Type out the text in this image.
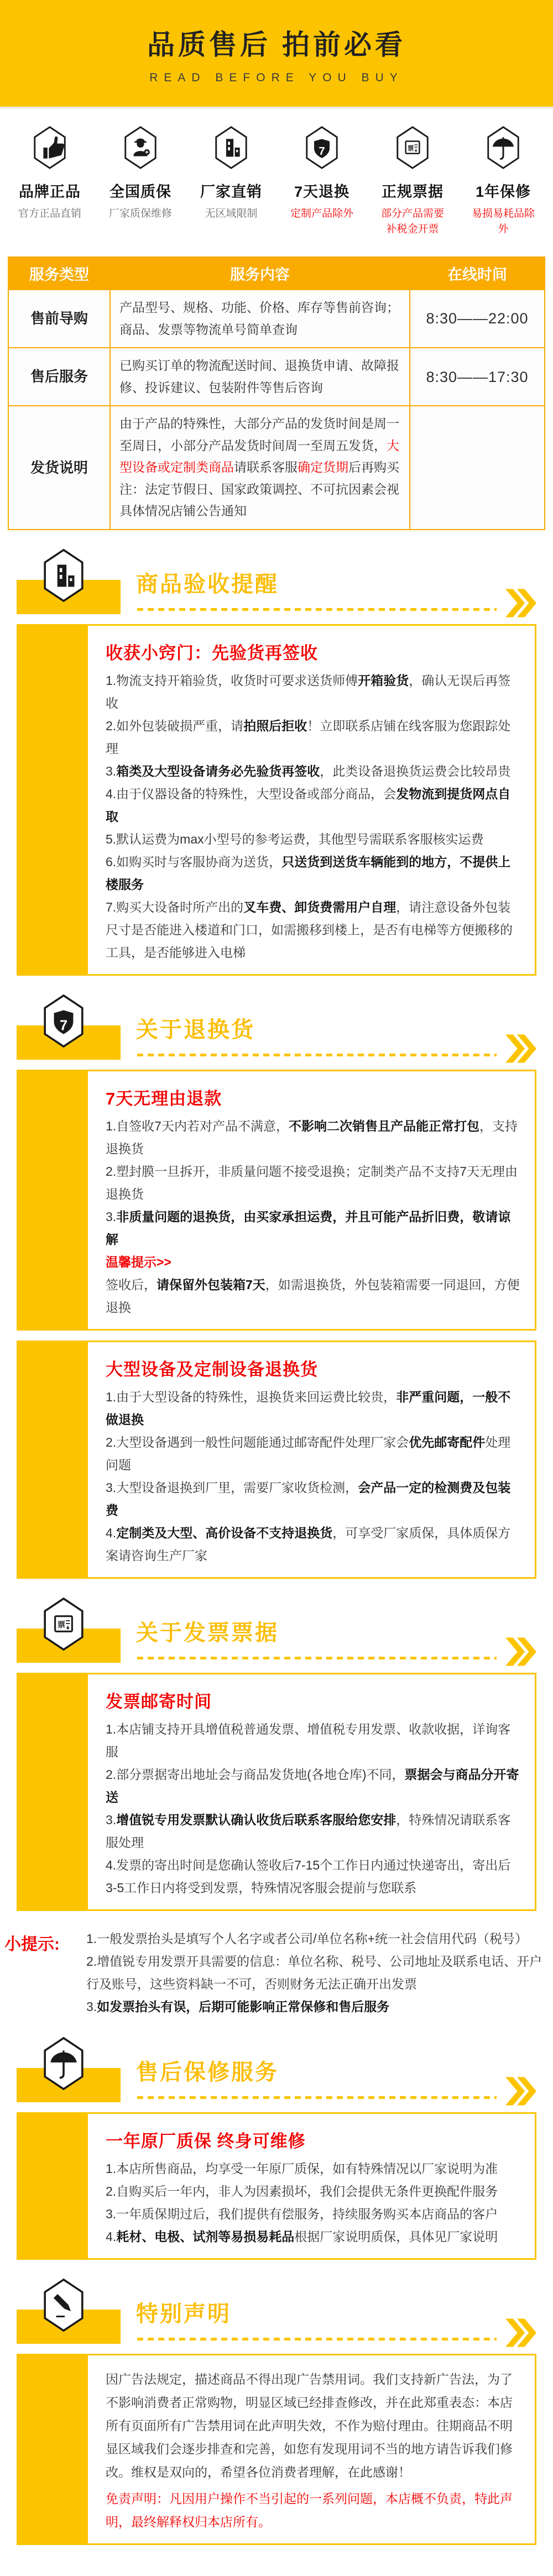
品质售后 拍前必看
READ BEFORE YOU BUY
品牌正品
官方正品直销
全国质保
厂家质保维修
厂家直销
无区域限制
7天退换
定制产品除外
正规票据
部分产品需要补税金开票
1年保修
易损易耗品除外
服务类型	服务内容	在线时间
售前导购	产品型号、规格、功能、价格、库存等售前咨询；
商品、发票等物流单号简单查询	8:30——22:00
售后服务	已购买订单的物流配送时间、退换货申请、故障报修、投诉建议、包装附件等售后咨询	8:30——17:30
发货说明	由于产品的特殊性，大部分产品的发货时间是周一至周日，小部分产品发货时间周一至周五发货，大型设备或定制类商品请联系客服确定货期后再购买
注：法定节假日、国家政策调控、不可抗因素会视具体情况店铺公告通知	
商品验收提醒
收获小窍门：先验货再签收
1.物流支持开箱验货，收货时可要求送货师傅开箱验货，确认无误后再签收
2.如外包装破损严重，请拍照后拒收！立即联系店铺在线客服为您跟踪处理
3.箱类及大型设备请务必先验货再签收，此类设备退换货运费会比较昂贵
4.由于仪器设备的特殊性，大型设备或部分商品，会发物流到提货网点自取
5.默认运费为max小型号的参考运费，其他型号需联系客服核实运费
6.如购买时与客服协商为送货，只送货到送货车辆能到的地方，不提供上楼服务
7.购买大设备时所产出的叉车费、卸货费需用户自理，请注意设备外包装尺寸是否能进入楼道和门口，如需搬移到楼上，是否有电梯等方便搬移的工具，是否能够进入电梯
关于退换货
7天无理由退款
1.自签收7天内若对产品不满意，不影响二次销售且产品能正常打包，支持退换货
2.塑封膜一旦拆开，非质量问题不接受退换；定制类产品不支持7天无理由退换货
3.非质量问题的退换货，由买家承担运费，并且可能产品折旧费，敬请谅解
温馨提示>>
签收后，请保留外包装箱7天，如需退换货，外包装箱需要一同退回，方便退换
大型设备及定制设备退换货
1.由于大型设备的特殊性，退换货来回运费比较贵，非严重问题，一般不做退换
2.大型设备遇到一般性问题能通过邮寄配件处理厂家会优先邮寄配件处理问题
3.大型设备退换到厂里，需要厂家收货检测，会产品一定的检测费及包装费
4.定制类及大型、高价设备不支持退换货，可享受厂家质保，具体质保方案请咨询生产厂家
关于发票票据
发票邮寄时间
1.本店铺支持开具增值税普通发票、增值税专用发票、收款收据，详询客服
2.部分票据寄出地址会与商品发货地(各地仓库)不同，票据会与商品分开寄送
3.增值锐专用发票默认确认收货后联系客服给您安排，特殊情况请联系客服处理
4.发票的寄出时间是您确认签收后7-15个工作日内通过快递寄出，寄出后3-5工作日内将受到发票，特殊情况客服会提前与您联系
小提示:	1.一般发票抬头是填写个人名字或者公司/单位名称+统一社会信用代码（税号）
2.增值锐专用发票开具需要的信息：单位名称、税号、公司地址及联系电话、开户行及账号，这些资料缺一不可，否则财务无法正确开出发票
3.如发票抬头有误，后期可能影响正常保修和售后服务
售后保修服务
一年原厂质保 终身可维修
1.本店所售商品，均享受一年原厂质保，如有特殊情况以厂家说明为准
2.自购买后一年内，非人为因素损坏，我们会提供无条件更换配件服务
3.一年质保期过后，我们提供有偿服务，持续服务购买本店商品的客户
4.耗材、电极、试剂等易损易耗品根据厂家说明质保，具体见厂家说明
特别声明

因广告法规定，描述商品不得出现广告禁用词。我们支持新广告法，为了不影响消费者正常购物，明显区域已经排查修改，并在此郑重表态：本店所有页面所有广告禁用词在此声明失效，不作为赔付理由。往期商品不明显区域我们会逐步排查和完善，如您有发现用词不当的地方请告诉我们修改。维权是双向的，希望各位消费者理解，在此感谢！

免责声明：凡因用户操作不当引起的一系列问题，本店概不负责，特此声明，最终解释权归本店所有。
